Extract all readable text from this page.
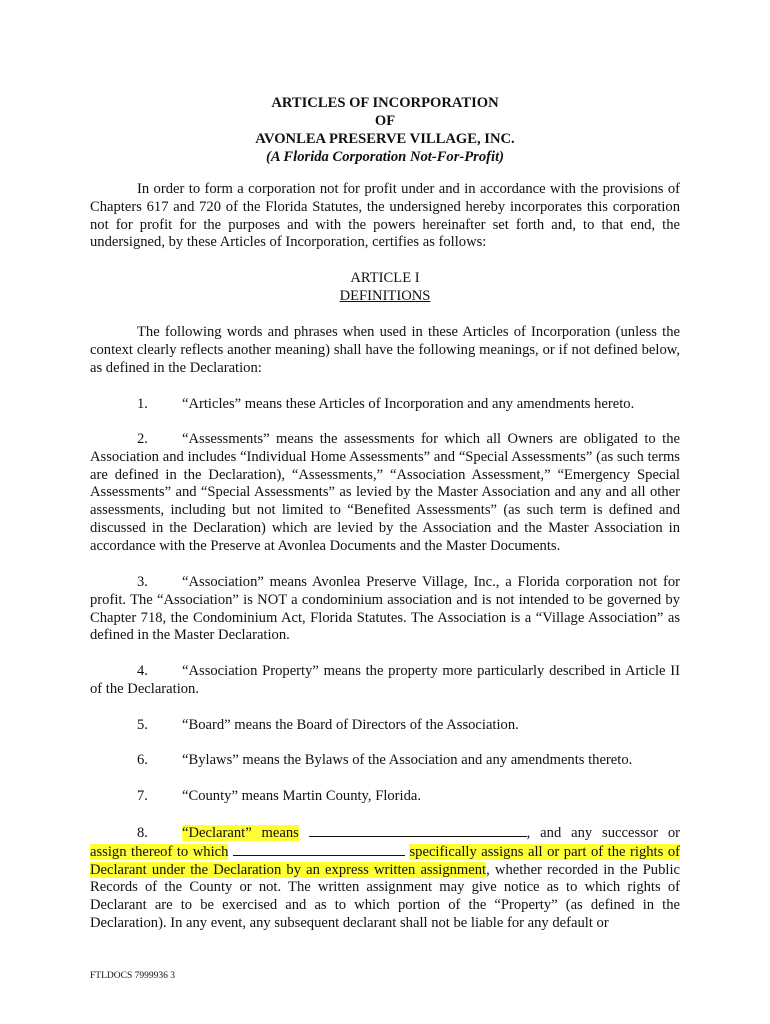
ARTICLES OF INCORPORATION
OF
AVONLEA PRESERVE VILLAGE, INC.
(A Florida Corporation Not-For-Profit)
In order to form a corporation not for profit under and in accordance with the provisions of Chapters 617 and 720 of the Florida Statutes, the undersigned hereby incorporates this corporation not for profit for the purposes and with the powers hereinafter set forth and, to that end, the undersigned, by these Articles of Incorporation, certifies as follows:
ARTICLE I
DEFINITIONS
The following words and phrases when used in these Articles of Incorporation (unless the context clearly reflects another meaning) shall have the following meanings, or if not defined below, as defined in the Declaration:
1. “Articles” means these Articles of Incorporation and any amendments hereto.
2. “Assessments” means the assessments for which all Owners are obligated to the Association and includes “Individual Home Assessments” and “Special Assessments” (as such terms are defined in the Declaration), “Assessments,” “Association Assessment,” “Emergency Special Assessments” and “Special Assessments” as levied by the Master Association and any and all other assessments, including but not limited to “Benefited Assessments” (as such term is defined and discussed in the Declaration) which are levied by the Association and the Master Association in accordance with the Preserve at Avonlea Documents and the Master Documents.
3. “Association” means Avonlea Preserve Village, Inc., a Florida corporation not for profit. The “Association” is NOT a condominium association and is not intended to be governed by Chapter 718, the Condominium Act, Florida Statutes. The Association is a “Village Association” as defined in the Master Declaration.
4. “Association Property” means the property more particularly described in Article II of the Declaration.
5. “Board” means the Board of Directors of the Association.
6. “Bylaws” means the Bylaws of the Association and any amendments thereto.
7. “County” means Martin County, Florida.
8. “Declarant” means	, and any successor or assign thereof to which	specifically assigns all or part of the rights of Declarant under the Declaration by an express written assignment, whether recorded in the Public Records of the County or not. The written assignment may give notice as to which rights of Declarant are to be exercised and as to which portion of the “Property” (as defined in the Declaration). In any event, any subsequent declarant shall not be liable for any default or
FTLDOCS 7999936 3
